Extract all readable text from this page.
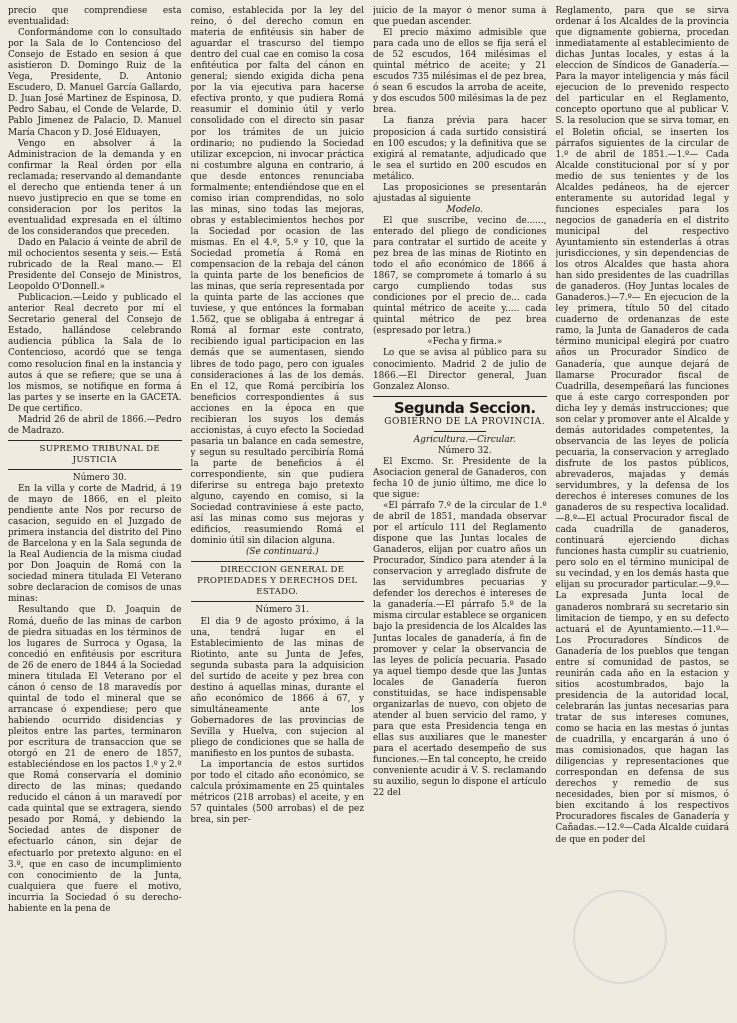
precio que comprendiese esta eventualidad:

Conformándome con lo consultado por la Sala de lo Contencioso del Consejo de Estado en sesion á que asistieron D. Domingo Ruiz de la Vega, Presidente, D. Antonio Escudero, D. Manuel García Gallardo, D. Juan José Martinez de Espinosa, D. Pedro Sabau, el Conde de Velarde, D. Pablo Jimenez de Palacio, D. Manuel María Chacon y D. José Elduayen,

Vengo en absolver á la Administracion de la demanda y en confirmar la Real órden por ella reclamada; reservando al demandante el derecho que entienda tener á un nuevo justiprecio en que se tome en consideracion por los peritos la eventualidad expresada en el último de los considerandos que preceden.

Dado en Palacio á veinte de abril de mil ochocientos sesenta y seis.— Está rubricado de la Real mano.— El Presidente del Consejo de Ministros, Leopoldo O'Donnell.»

Publicacion.—Leido y publicado el anterior Real decreto por mí el Secretario general del Consejo de Estado, hallándose celebrando audiencia pública la Sala de lo Contencioso, acordó que se tenga como resolucion final en la instancia y autos á que se refiere; que se una á los mismos, se notifique en forma á las partes y se inserte en la GACETA. De que certifico.

Madrid 26 de abril de 1866.—Pedro de Madrazo.

SUPREMO TRIBUNAL DE JUSTICIA

Número 30.

En la villa y corte de Madrid, á 19 de mayo de 1866, en el pleito pendiente ante Nos por recurso de casacion, seguido en el Juzgado de primera instancia del distrito del Pino de Barcelona y en la Sala segunda de la Real Audiencia de la misma ciudad por Don Joaquin de Romá con la sociedad minera titulada El Veterano sobre declaracion de comisos de unas minas:

Resultando que D. Joaquin de Romá, dueño de las minas de carbon de piedra situadas en los términos de los lugares de Surroca y Ogasa, la concedió en enfitéusis por escritura de 26 de enero de 1844 á la Sociedad minera titulada El Veterano por el cánon ó censo de 18 maravedís por quintal de todo el mineral que se arrancase ó expendiese; pero que habiendo ocurrido disidencias y pleitos entre las partes, terminaron por escritura de transaccion que se otorgó en 21 de enero de 1857, estableciéndose en los pactos 1.º y 2.º que Romá conservaría el dominio directo de las minas; quedando reducido el cánon á un maravedí por cada quintal que se extragera, siendo pesado por Romá, y debiendo la Sociedad antes de disponer de efectuarlo cánon, sin dejar de efectuarlo por pretexto alguno: en el 3.º, que en caso de incumplimiento con conocimiento de la Junta, cualquiera que fuere el motivo, incurria la Sociedad ó su derecho-habiente en la pena de

comiso, establecida por la ley del reino, ó del derecho comun en materia de enfitéusis sin haber de aguardar el trascurso del tiempo dentro del cual cae en comiso la cosa enfitéutica por falta del cánon en general; siendo exigida dicha pena por la via ejecutiva para hacerse efectiva pronto, y que pudiera Romá reasumir el dominio útil y verlo consolidado con el directo sin pasar por los trámites de un juicio ordinario; no pudiendo la Sociedad utilizar excepcion, ni invocar práctica ni costumbre alguna en contrario, á que desde entonces renunciaba formalmente; entendiéndose que en el comiso irian comprendidas, no solo las minas, sino todas las mejoras, obras y establecimientos hechos por la Sociedad por ocasion de las mismas. En el 4.º, 5.º y 10, que la Sociedad prometía á Romá en compensacion de la rebaja del cánon la quinta parte de los beneficios de las minas, que sería representada por la quinta parte de las acciones que tuviese, y que entónces la formaban 1.562, que se obligaba á entregar á Romá al formar este contrato, recibiendo igual participacion en las demás que se aumentasen, siendo libres de todo pago, pero con iguales consideraciones á las de los demás. En el 12, que Romá percibiría los beneficios correspondientes á sus acciones en la época en que recibieran los suyos los demás accionistas, á cuyo efecto la Sociedad pasaria un balance en cada semestre, y segun su resultado percibiría Romá la parte de beneficios á él correspondiente, sin que pudiera diferirse su entrega bajo pretexto alguno, cayendo en comiso, si la Sociedad contraviniese á este pacto, así las minas como sus mejoras y edificios, reasumiendo Romá el dominio útil sin dilacion alguna.

(Se continuará.)

DIRECCION GENERAL DE PROPIEDADES Y DERECHOS DEL ESTADO.

Número 31.

El dia 9 de agosto próximo, á la una, tendrá lugar en el Establecimiento de las minas de Riotinto, ante su Junta de Jefes, segunda subasta para la adquisicion del surtido de aceite y pez brea con destino á aquellas minas, durante el año económico de 1866 á 67, y simultáneamente ante los Gobernadores de las provincias de Sevilla y Huelva, con sujecion al pliego de condiciones que se halla de manifiesto en los puntos de subasta.

La importancia de estos surtidos por todo el citado año económico, se calcula próximamente en 25 quintales métricos (218 arrobas) el aceite, y en 57 quintales (500 arrobas) el de pez brea, sin per-

juicio de la mayor ó menor suma á que puedan ascender.

El precio máximo admisible que para cada uno de ellos se fija será el de 52 escudos, 164 milésimas el quintal métrico de aceite; y 21 escudos 735 milésimas el de pez brea, ó sean 6 escudos la arroba de aceite, y dos escudos 500 milésimas la de pez brea.

La fianza prévia para hacer proposicion á cada surtido consistirá en 100 escudos; y la definitiva que se exigirá al rematante, adjudicado que le sea el surtido en 200 escudos en metálico.

Las proposiciones se presentarán ajustadas al siguiente

Modelo.

El que suscribe, vecino de......, enterado del pliego de condiciones para contratar el surtido de aceite y pez brea de las minas de Riotinto en todo el año económico de 1866 á 1867, se compromete á tomarlo á su cargo cumpliendo todas sus condiciones por el precio de... cada quintal métrico de aceite y..... cada quintal métrico de pez brea (espresado por letra.)

«Fecha y firma.»

Lo que se avisa al público para su conocimiento. Madrid 2 de julio de 1866.—El Director general, Juan Gonzalez Alonso.

Segunda Seccion.

GOBIERNO DE LA PROVINCIA.

Agricultura.—Circular.

Número 32.

El Excmo. Sr. Presidente de la Asociacion general de Ganaderos, con fecha 10 de junio último, me dice lo que sigue:

«El párrafo 7.º de la circular de 1.º de abril de 1851, mandada observar por el artículo 111 del Reglamento dispone que las Juntas locales de Ganaderos, elijan por cuatro años un Procurador, Síndico para atender á la conservacion y arreglado disfrute de las servidumbres pecuarias y defender los derechos é intereses de la ganadería.—El párrafo 5.º de la misma circular establece se organicen bajo la presidencia de los Alcaldes las Juntas locales de ganadería, á fin de promover y celar la observancia de las leyes de policía pecuaria. Pasado ya aquel tiempo desde que las Juntas locales de Ganadería fueron constituidas, se hace indispensable organizarlas de nuevo, con objeto de atender al buen servicio del ramo, y para que esta Presidencia tenga en ellas sus auxiliares que le manester para el acertado desempeño de sus funciones.—En tal concepto, he creido conveniente acudir á V. S. reclamando su auxilio, segun lo dispone el artículo 22 del

Reglamento, para que se sirva ordenar á los Alcaldes de la provincia que dignamente gobierna, procedan inmediatamente al establecimiento de dichas Juntas locales, y estas á la eleccion de Síndicos de Ganadería.—Para la mayor inteligencia y más fácil ejecucion de lo prevenido respecto del particular en el Reglamento, concepto oportuno que al publicar V. S. la resolucion que se sirva tomar, en el Boletin oficial, se inserten los párrafos siguientes de la circular de 1.º de abril de 1851.—1.º— Cada Alcalde constitucional por sí y por medio de sus tenientes y de los Alcaldes pedáneos, ha de ejercer enteramente su autoridad legal y funciones especiales para los negocios de ganadería en el distrito municipal del respectivo Ayuntamiento sin estenderlas á otras jurisdicciones, y sin dependencias de los otros Alcaldes que hasta ahora han sido presidentes de las cuadrillas de ganaderos. (Hoy Juntas locales de Ganaderos.)—7.º— En ejecucion de la ley primera, título 50 del citado cuaderno de ordenanzas de este ramo, la Junta de Ganaderos de cada término municipal elegirá por cuatro años un Procurador Síndico de Ganadería, que aunque dejará de llamarse Procurador fiscal de Cuadrilla, desempeñará las funciones que á este cargo corresponden por dicha ley y demás instrucciones; que son celar y promover ante el Alcalde y demás autoridades competentes, la observancia de las leyes de policía pecuaria, la conservacion y arreglado disfrute de los pastos públicos, abrevaderos, majadas y demás servidumbres, y la defensa de los derechos é intereses comunes de los ganaderos de su respectiva localidad.—8.º—El actual Procurador fiscal de cada cuadrilla de ganaderos, continuará ejerciendo dichas funciones hasta cumplir su cuatrienio, pero solo en el término municipal de su vecindad, y en los demás hasta que elijan su procurador particular.—9.º—La expresada Junta local de ganaderos nombrará su secretario sin limitacion de tiempo, y en su defecto actuará el de Ayuntamiento.—11.º—Los Procuradores Síndicos de Ganadería de los pueblos que tengan entre sí comunidad de pastos, se reunirán cada año en la estacion y sitios acostumbrados, bajo la presidencia de la autoridad local, celebrarán las juntas necesarias para tratar de sus intereses comunes, como se hacia en las mestas ó juntas de cuadrilla, y encargarán á uno ó mas comisionados, que hagan las diligencias y representaciones que correspondan en defensa de sus derechos y remedio de sus necesidades, bien por sí mismos, ó bien excitando á los respectivos Procuradores fiscales de Ganadería y Cañadas.—12.º—Cada Alcalde cuidará de que en poder del
